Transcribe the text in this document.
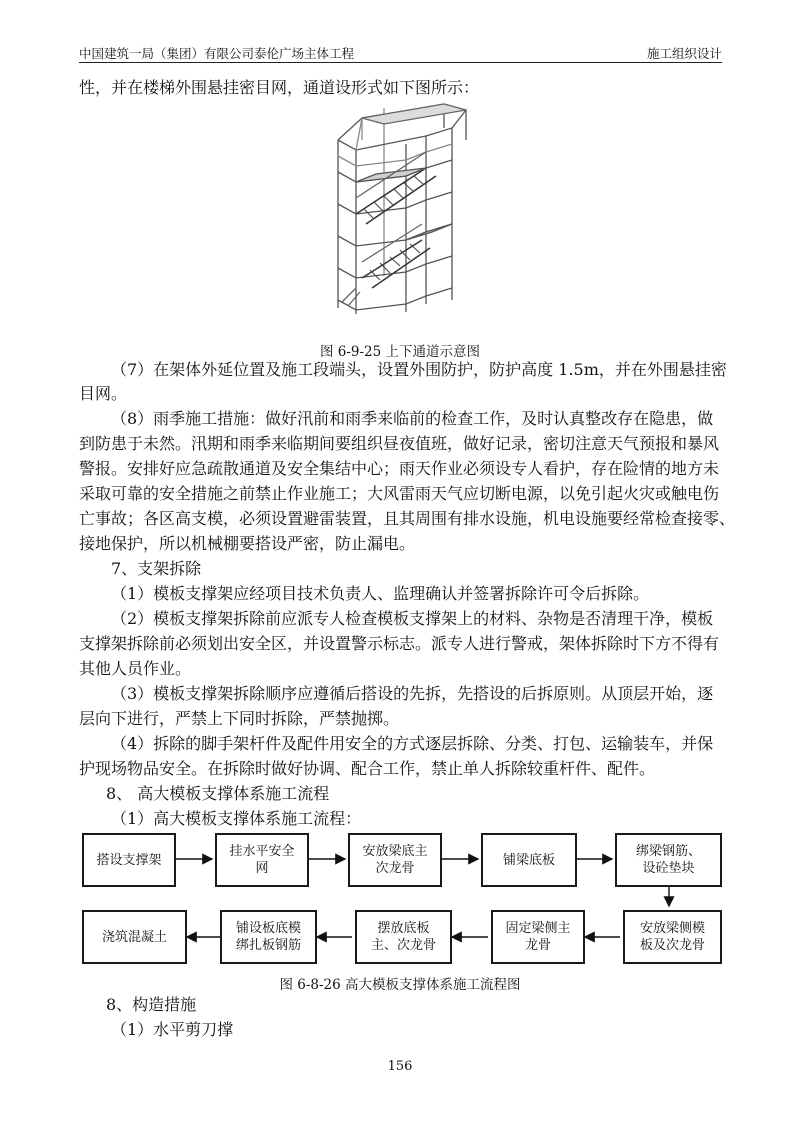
中国建筑一局（集团）有限公司泰伦广场主体工程	施工组织设计
性，并在楼梯外围悬挂密目网，通道设形式如下图所示：
图 6-9-25 上下通道示意图
（7）在架体外延位置及施工段端头，设置外围防护，防护高度 1.5m，并在外围悬挂密
目网。
（8）雨季施工措施：做好汛前和雨季来临前的检查工作，及时认真整改存在隐患，做
到防患于未然。汛期和雨季来临期间要组织昼夜值班，做好记录，密切注意天气预报和暴风
警报。安排好应急疏散通道及安全集结中心；雨天作业必须设专人看护，存在险情的地方未
采取可靠的安全措施之前禁止作业施工；大风雷雨天气应切断电源，以免引起火灾或触电伤
亡事故；各区高支模，必须设置避雷装置，且其周围有排水设施，机电设施要经常检查接零、
接地保护，所以机械棚要搭设严密，防止漏电。
7、支架拆除
（1）模板支撑架应经项目技术负责人、监理确认并签署拆除许可令后拆除。
（2）模板支撑架拆除前应派专人检查模板支撑架上的材料、杂物是否清理干净，模板
支撑架拆除前必须划出安全区，并设置警示标志。派专人进行警戒，架体拆除时下方不得有
其他人员作业。
（3）模板支撑架拆除顺序应遵循后搭设的先拆，先搭设的后拆原则。从顶层开始，逐
层向下进行，严禁上下同时拆除，严禁抛掷。
（4）拆除的脚手架杆件及配件用安全的方式逐层拆除、分类、打包、运输装车，并保
护现场物品安全。在拆除时做好协调、配合工作，禁止单人拆除较重杆件、配件。
8、 高大模板支撑体系施工流程
（1）高大模板支撑体系施工流程：
搭设支撑架
挂水平安全
网
安放梁底主
次龙骨
铺梁底板
绑梁钢筋、
设砼垫块
浇筑混凝土
铺设板底模
绑扎板钢筋
摆放底板
主、次龙骨
固定梁侧主
龙骨
安放梁侧模
板及次龙骨
图 6-8-26 高大模板支撑体系施工流程图
8、构造措施
（1）水平剪刀撑
156
